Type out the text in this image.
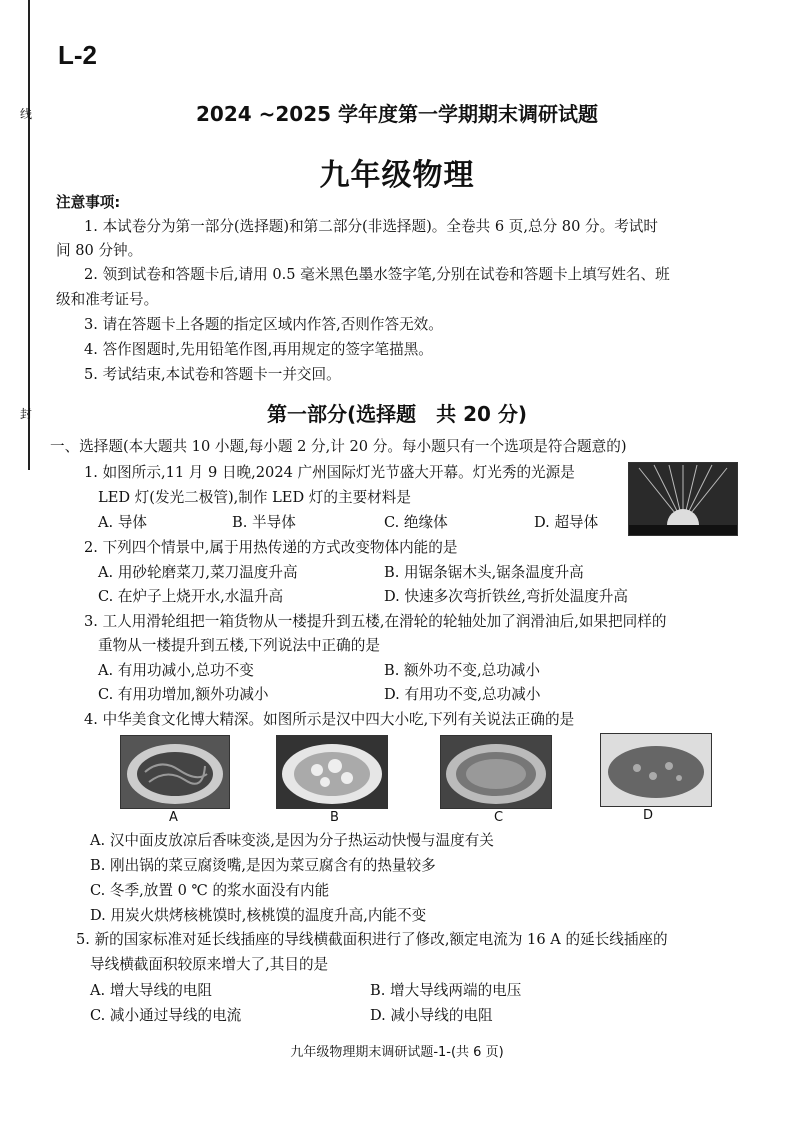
线
封
L-2
2024 ~2025 学年度第一学期期末调研试题
九年级物理
注意事项:
1. 本试卷分为第一部分(选择题)和第二部分(非选择题)。全卷共 6 页,总分 80 分。考试时
间 80 分钟。
2. 领到试卷和答题卡后,请用 0.5 毫米黑色墨水签字笔,分别在试卷和答题卡上填写姓名、班
级和准考证号。
3. 请在答题卡上各题的指定区域内作答,否则作答无效。
4. 答作图题时,先用铅笔作图,再用规定的签字笔描黑。
5. 考试结束,本试卷和答题卡一并交回。
第一部分(选择题　共 20 分)
一、选择题(本大题共 10 小题,每小题 2 分,计 20 分。每小题只有一个选项是符合题意的)
1. 如图所示,11 月 9 日晚,2024 广州国际灯光节盛大开幕。灯光秀的光源是
LED 灯(发光二极管),制作 LED 灯的主要材料是
A. 导体	B. 半导体	C. 绝缘体	D. 超导体
2. 下列四个情景中,属于用热传递的方式改变物体内能的是
A. 用砂轮磨菜刀,菜刀温度升高	B. 用锯条锯木头,锯条温度升高
C. 在炉子上烧开水,水温升高	D. 快速多次弯折铁丝,弯折处温度升高
3. 工人用滑轮组把一箱货物从一楼提升到五楼,在滑轮的轮轴处加了润滑油后,如果把同样的
重物从一楼提升到五楼,下列说法中正确的是
A. 有用功减小,总功不变	B. 额外功不变,总功减小
C. 有用功增加,额外功减小	D. 有用功不变,总功减小
4. 中华美食文化博大精深。如图所示是汉中四大小吃,下列有关说法正确的是
A	B	C	D
A. 汉中面皮放凉后香味变淡,是因为分子热运动快慢与温度有关
B. 刚出锅的菜豆腐烫嘴,是因为菜豆腐含有的热量较多
C. 冬季,放置 0 ℃ 的浆水面没有内能
D. 用炭火烘烤核桃馍时,核桃馍的温度升高,内能不变
5. 新的国家标准对延长线插座的导线横截面积进行了修改,额定电流为 16 A 的延长线插座的
导线横截面积较原来增大了,其目的是
A. 增大导线的电阻	B. 增大导线两端的电压
C. 减小通过导线的电流	D. 减小导线的电阻
九年级物理期末调研试题-1-(共 6 页)
